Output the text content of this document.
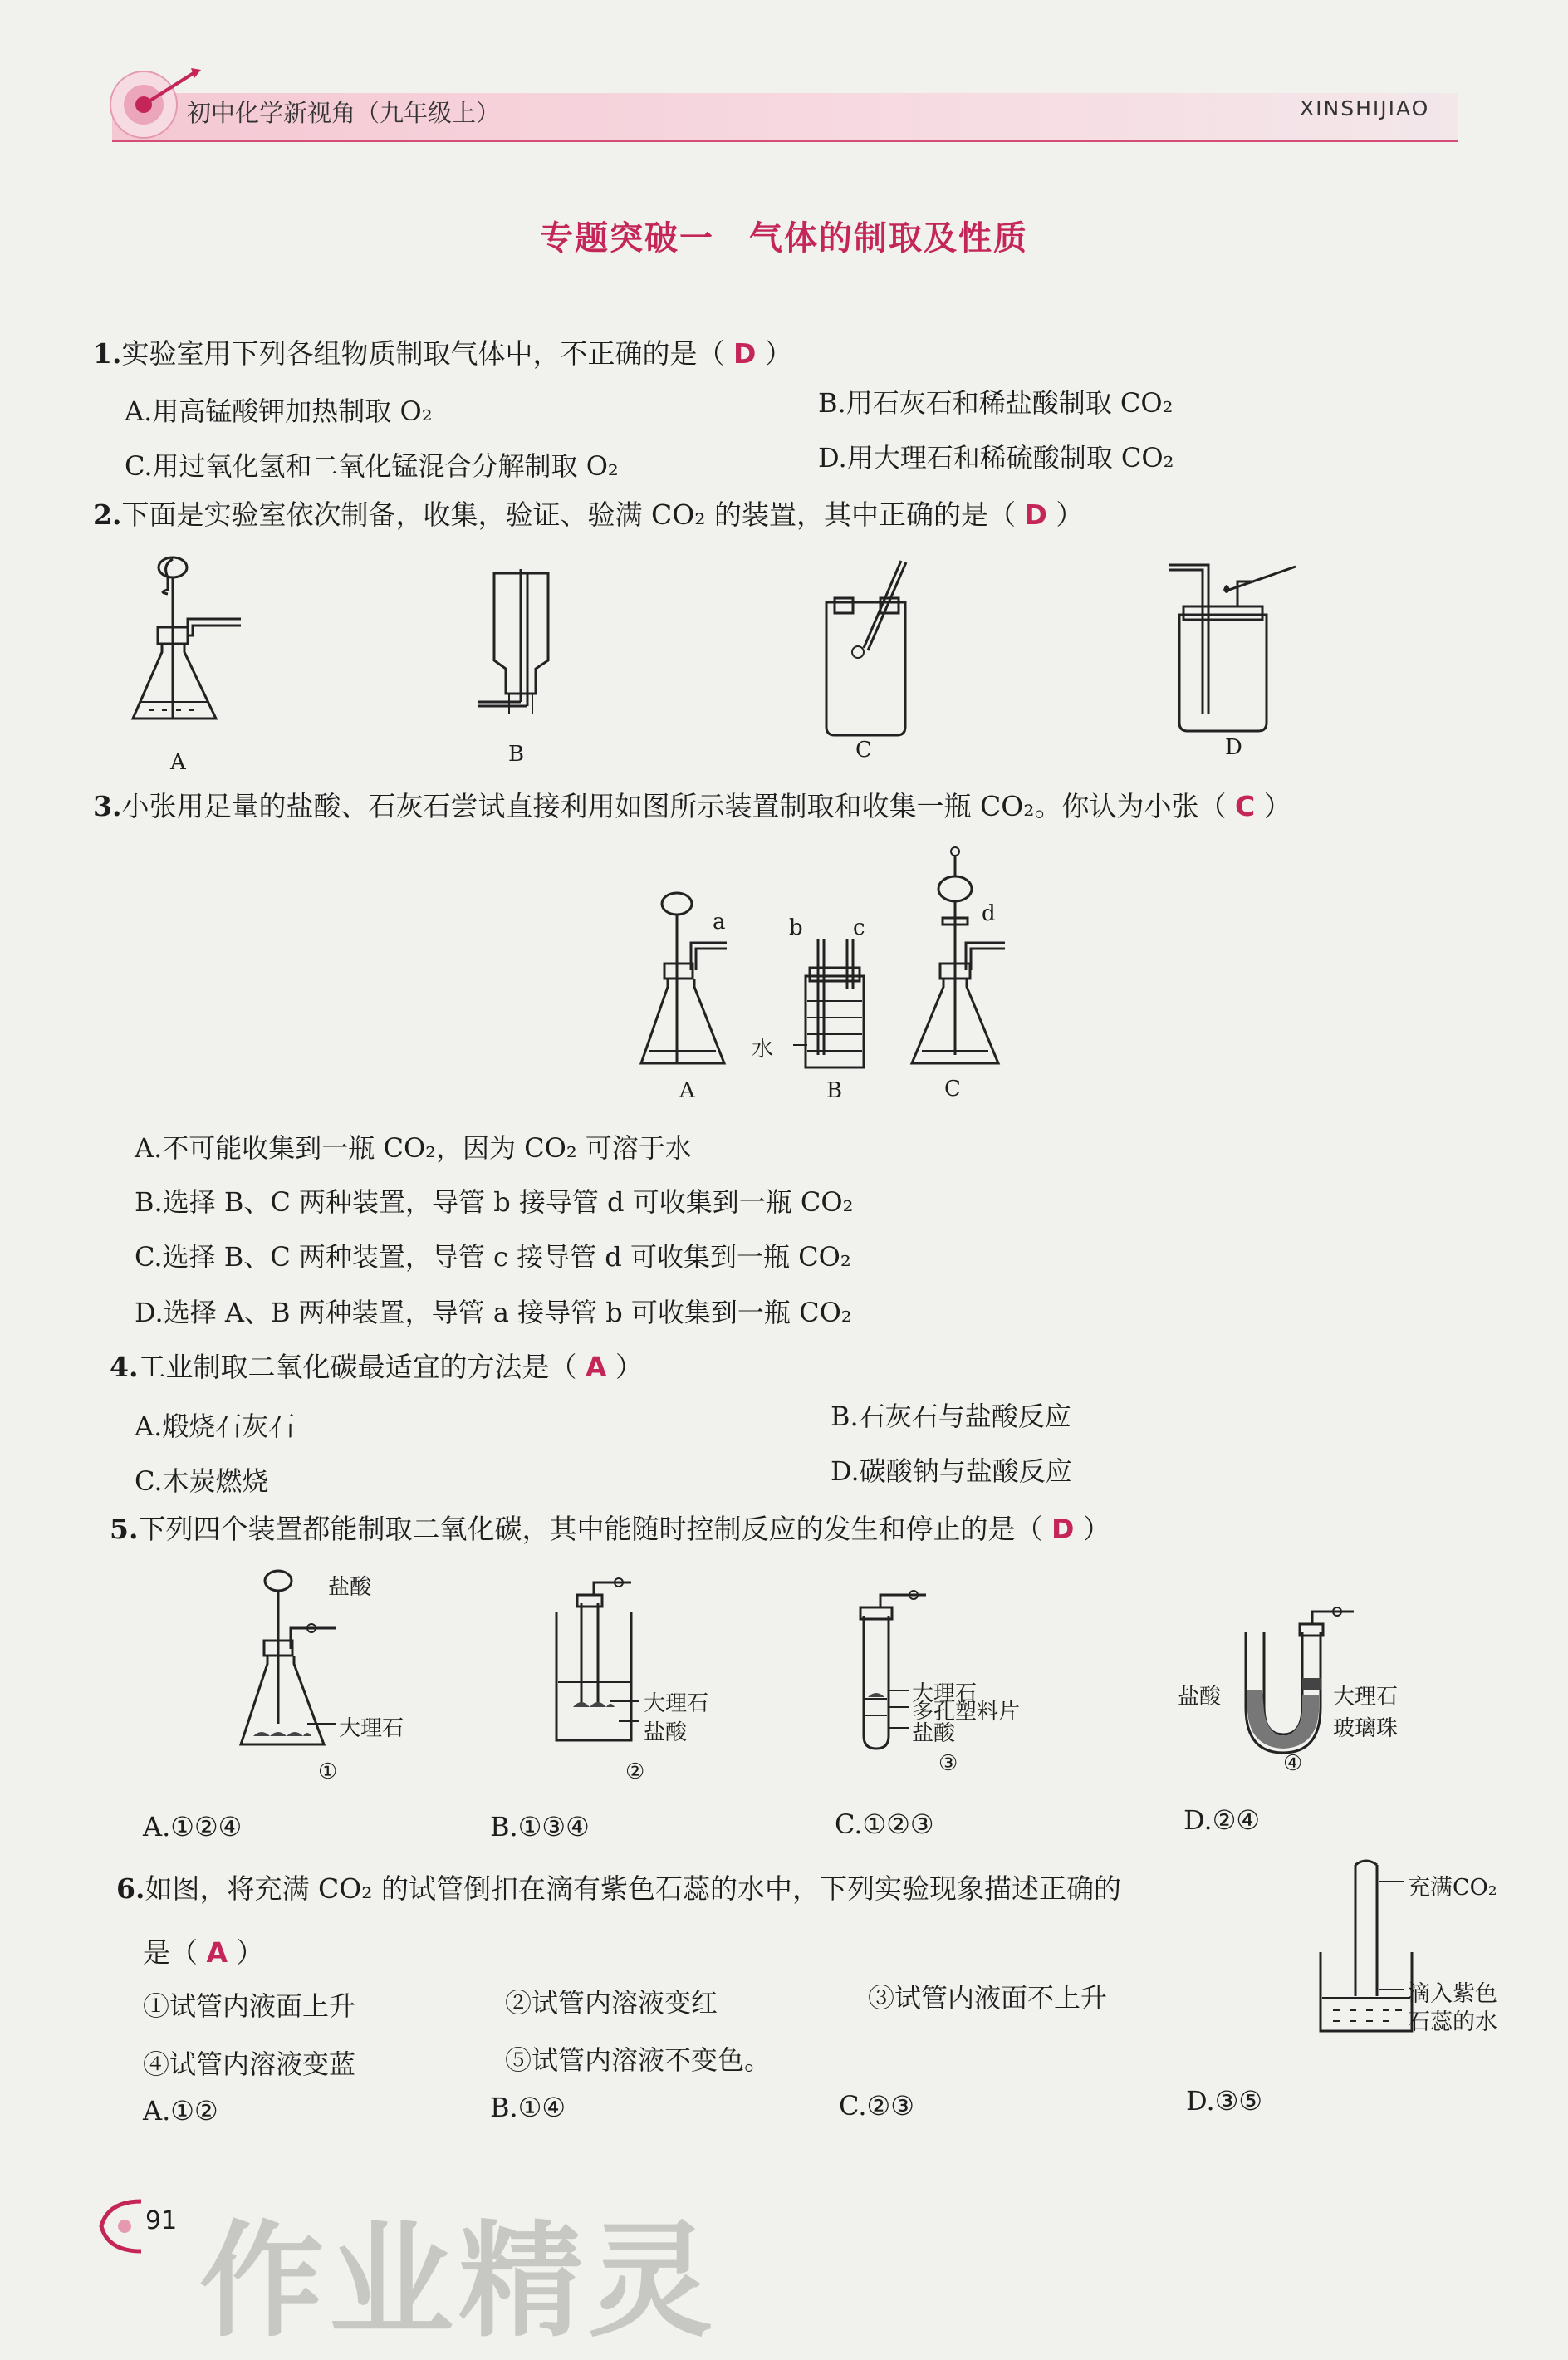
初中化学新视角（九年级上）	XINSHIJIAO
专题突破一　气体的制取及性质
1.实验室用下列各组物质制取气体中，不正确的是（ D ）
A.用高锰酸钾加热制取 O₂	B.用石灰石和稀盐酸制取 CO₂
C.用过氧化氢和二氧化锰混合分解制取 O₂	D.用大理石和稀硫酸制取 CO₂
2.下面是实验室依次制备，收集，验证、验满 CO₂ 的装置，其中正确的是（ D ）
A	B	C	D
3.小张用足量的盐酸、石灰石尝试直接利用如图所示装置制取和收集一瓶 CO₂。你认为小张（ C ）
a	b c
d
水
A	B	C
A.不可能收集到一瓶 CO₂，因为 CO₂ 可溶于水
B.选择 B、C 两种装置，导管 b 接导管 d 可收集到一瓶 CO₂
C.选择 B、C 两种装置，导管 c 接导管 d 可收集到一瓶 CO₂
D.选择 A、B 两种装置，导管 a 接导管 b 可收集到一瓶 CO₂
4.工业制取二氧化碳最适宜的方法是（ A ）
A.煅烧石灰石	B.石灰石与盐酸反应
C.木炭燃烧	D.碳酸钠与盐酸反应
5.下列四个装置都能制取二氧化碳，其中能随时控制反应的发生和停止的是（ D ）
盐酸
大理石
①
大理石
盐酸
②
大理石
多孔塑料片
盐酸
③
盐酸	大理石
玻璃珠
④
A.①②④	B.①③④	C.①②③	D.②④
6.如图，将充满 CO₂ 的试管倒扣在滴有紫色石蕊的水中，下列实验现象描述正确的
是（ A ）
①试管内液面上升	②试管内溶液变红	③试管内液面不上升
④试管内溶液变蓝	⑤试管内溶液不变色。
充满CO₂
滴入紫色
石蕊的水
A.①②	B.①④	C.②③	D.③⑤
91 作业精灵
